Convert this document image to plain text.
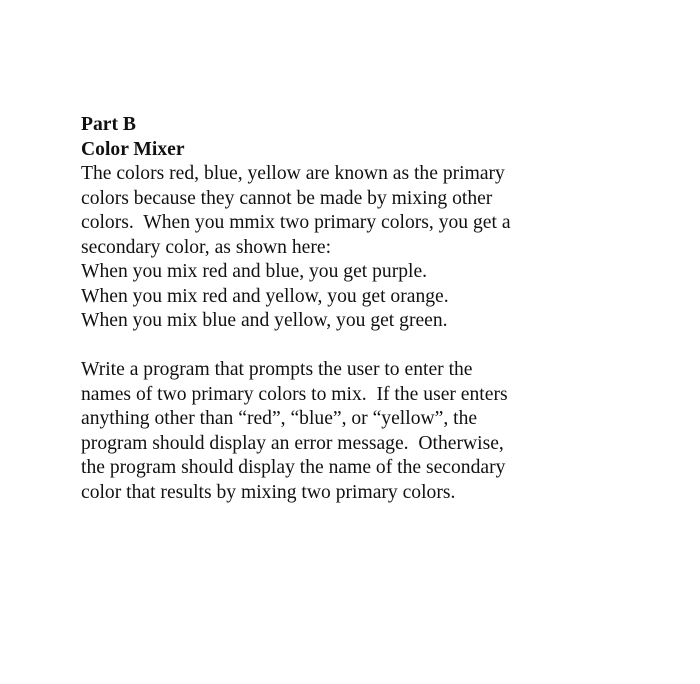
Part B
Color Mixer
The colors red, blue, yellow are known as the primary
colors because they cannot be made by mixing other
colors.  When you mmix two primary colors, you get a
secondary color, as shown here:
When you mix red and blue, you get purple.
When you mix red and yellow, you get orange.
When you mix blue and yellow, you get green.
Write a program that prompts the user to enter the
names of two primary colors to mix.  If the user enters
anything other than “red”, “blue”, or “yellow”, the
program should display an error message.  Otherwise,
the program should display the name of the secondary
color that results by mixing two primary colors.
